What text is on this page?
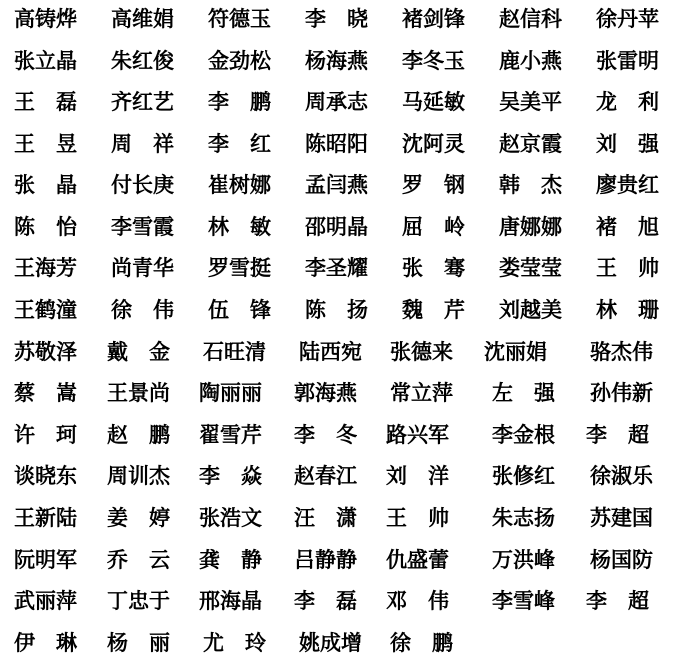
高铸烨	高维娟	符德玉	李　晓	褚剑锋	赵信科	徐丹苹
张立晶	朱红俊	金劲松	杨海燕	李冬玉	鹿小燕	张雷明
王　磊	齐红艺	李　鹏	周承志	马延敏	吴美平	龙　利
王　昱	周　祥	李　红	陈昭阳	沈阿灵	赵京霞	刘　强
张　晶	付长庚	崔树娜	孟闫燕	罗　钢	韩　杰	廖贵红
陈　怡	李雪霞	林　敏	邵明晶	屈　岭	唐娜娜	褚　旭
王海芳	尚青华	罗雪挺	李圣耀	张　骞	娄莹莹	王　帅
王鹤潼	徐　伟	伍　锋	陈　扬	魏　芹	刘越美	林　珊
苏敬泽	戴　金	石旺清	陆西宛	张德来	沈丽娟	骆杰伟
蔡　嵩	王景尚	陶丽丽	郭海燕	常立萍	左　强	孙伟新
许　珂	赵　鹏	翟雪芹	李　冬	路兴军	李金根	李　超
谈晓东	周训杰	李　焱	赵春江	刘　洋	张修红	徐淑乐
王新陆	姜　婷	张浩文	汪　潇	王　帅	朱志扬	苏建国
阮明军	乔　云	龚　静	吕静静	仇盛蕾	万洪峰	杨国防
武丽萍	丁忠于	邢海晶	李　磊	邓　伟	李雪峰	李　超
伊　琳	杨　丽	尤　玲	姚成增	徐　鹏
